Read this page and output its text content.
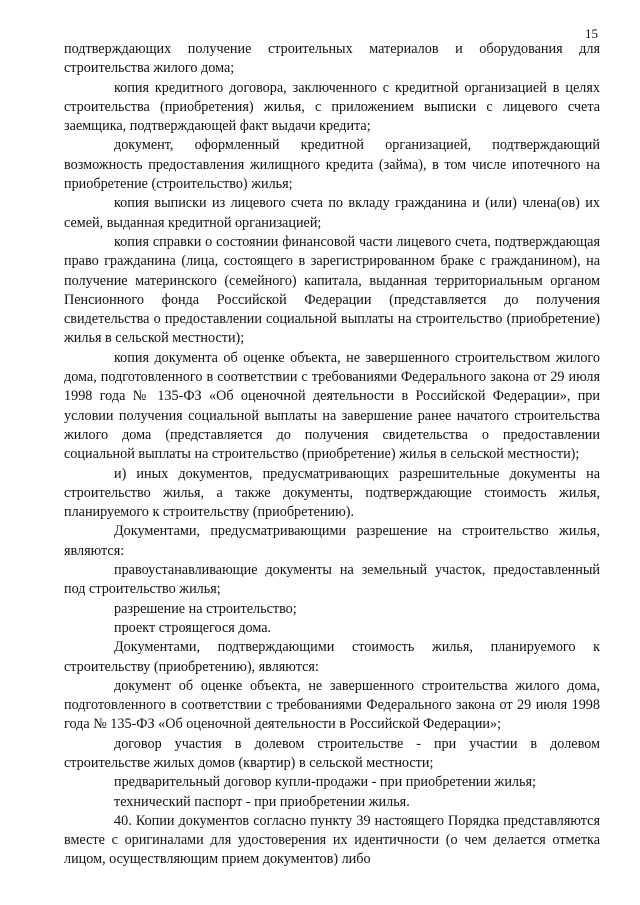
15

подтверждающих получение строительных материалов и оборудования для строительства жилого дома;

копия кредитного договора, заключенного с кредитной организацией в целях строительства (приобретения) жилья, с приложением выписки с лицевого счета заемщика, подтверждающей факт выдачи кредита;

документ, оформленный кредитной организацией, подтверждающий возможность предоставления жилищного кредита (займа), в том числе ипотечного на приобретение (строительство) жилья;

копия выписки из лицевого счета по вкладу гражданина и (или) члена(ов) их семей, выданная кредитной организацией;

копия справки о состоянии финансовой части лицевого счета, подтверждающая право гражданина (лица, состоящего в зарегистрированном браке с гражданином), на получение материнского (семейного) капитала, выданная территориальным органом Пенсионного фонда Российской Федерации (представляется до получения свидетельства о предоставлении социальной выплаты на строительство (приобретение) жилья в сельской местности);

копия документа об оценке объекта, не завершенного строительством жилого дома, подготовленного в соответствии с требованиями Федерального закона от 29 июля 1998 года № 135-ФЗ «Об оценочной деятельности в Российской Федерации», при условии получения социальной выплаты на завершение ранее начатого строительства жилого дома (представляется до получения свидетельства о предоставлении социальной выплаты на строительство (приобретение) жилья в сельской местности);

и) иных документов, предусматривающих разрешительные документы на строительство жилья, а также документы, подтверждающие стоимость жилья, планируемого к строительству (приобретению).

Документами, предусматривающими разрешение на строительство жилья, являются:

правоустанавливающие документы на земельный участок, предоставленный под строительство жилья;

разрешение на строительство;

проект строящегося дома.

Документами, подтверждающими стоимость жилья, планируемого к строительству (приобретению), являются:

документ об оценке объекта, не завершенного строительства жилого дома, подготовленного в соответствии с требованиями Федерального закона от 29 июля 1998 года № 135-ФЗ «Об оценочной деятельности в Российской Федерации»;

договор участия в долевом строительстве - при участии в долевом строительстве жилых домов (квартир) в сельской местности;

предварительный договор купли-продажи - при приобретении жилья;

технический паспорт - при приобретении жилья.

40. Копии документов согласно пункту 39 настоящего Порядка представляются вместе с оригиналами для удостоверения их идентичности (о чем делается отметка лицом, осуществляющим прием документов) либо
